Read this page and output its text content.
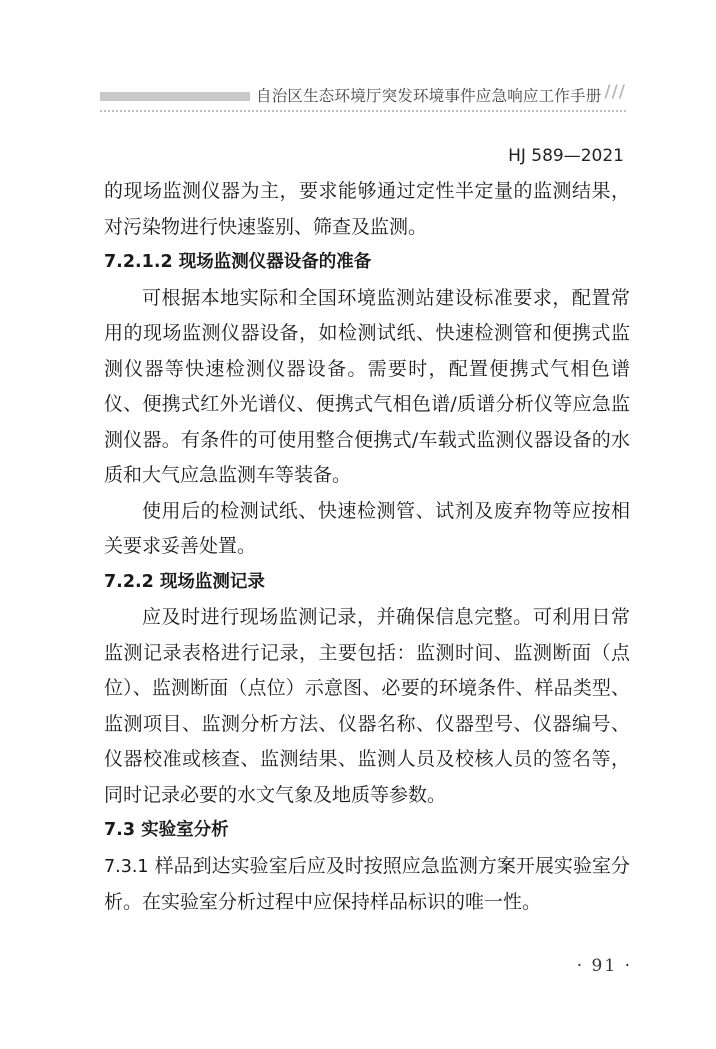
自治区生态环境厅突发环境事件应急响应工作手册 ///
HJ 589—2021

的现场监测仪器为主，要求能够通过定性半定量的监测结果，对污染物进行快速鉴别、筛查及监测。

7.2.1.2 现场监测仪器设备的准备

可根据本地实际和全国环境监测站建设标准要求，配置常用的现场监测仪器设备，如检测试纸、快速检测管和便携式监测仪器等快速检测仪器设备。需要时，配置便携式气相色谱仪、便携式红外光谱仪、便携式气相色谱/质谱分析仪等应急监测仪器。有条件的可使用整合便携式/车载式监测仪器设备的水质和大气应急监测车等装备。

使用后的检测试纸、快速检测管、试剂及废弃物等应按相关要求妥善处置。

7.2.2 现场监测记录

应及时进行现场监测记录，并确保信息完整。可利用日常监测记录表格进行记录，主要包括：监测时间、监测断面（点位）、监测断面（点位）示意图、必要的环境条件、样品类型、监测项目、监测分析方法、仪器名称、仪器型号、仪器编号、仪器校准或核查、监测结果、监测人员及校核人员的签名等，同时记录必要的水文气象及地质等参数。

7.3 实验室分析

7.3.1 样品到达实验室后应及时按照应急监测方案开展实验室分析。在实验室分析过程中应保持样品标识的唯一性。

· 91 ·
